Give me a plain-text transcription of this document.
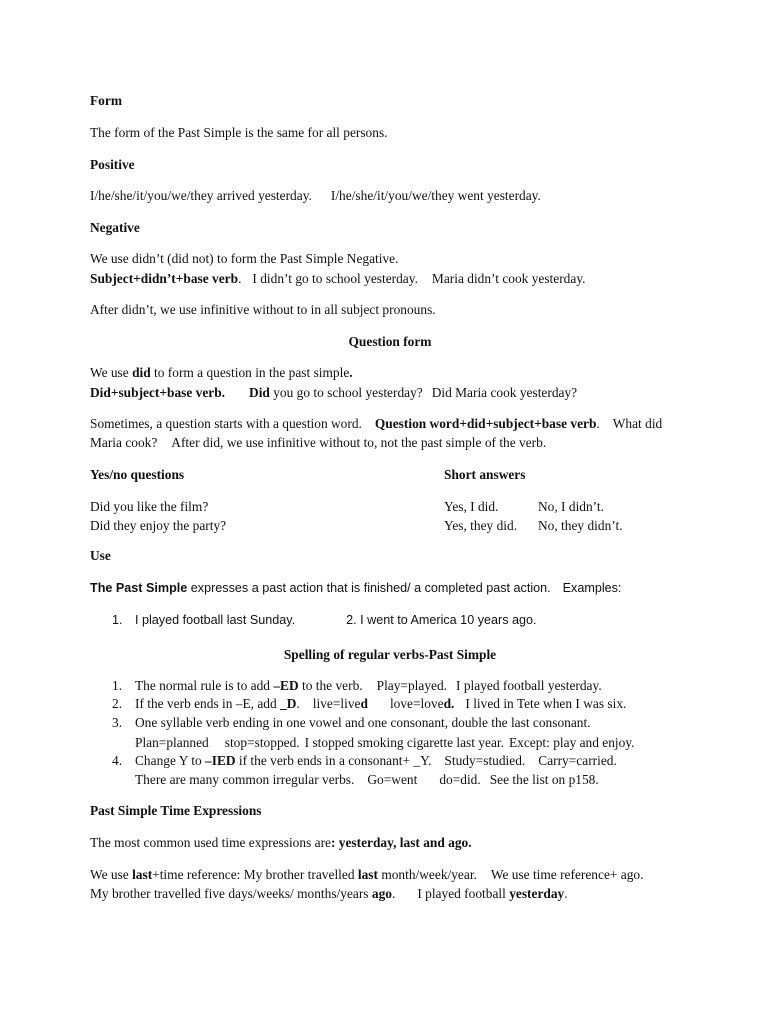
Form
The form of the Past Simple is the same for all persons.
Positive
I/he/she/it/you/we/they arrived yesterday. I/he/she/it/you/we/they went yesterday.
Negative
We use didn’t (did not) to form the Past Simple Negative.
Subject+didn’t+base verb. I didn’t go to school yesterday. Maria didn’t cook yesterday.
After didn’t, we use infinitive without to in all subject pronouns.
Question form
We use did to form a question in the past simple.
Did+subject+base verb. Did you go to school yesterday? Did Maria cook yesterday?
Sometimes, a question starts with a question word. Question word+did+subject+base verb. What did
Maria cook? After did, we use infinitive without to, not the past simple of the verb.
Yes/no questions	Short answers
Did you like the film?	Yes, I did.	No, I didn’t.
Did they enjoy the party?	Yes, they did. No, they didn’t.
Use
The Past Simple expresses a past action that is finished/ a completed past action. Examples:
1. I played football last Sunday.	2. I went to America 10 years ago.
Spelling of regular verbs-Past Simple
1. The normal rule is to add –ED to the verb. Play=played. I played football yesterday.
2. If the verb ends in –E, add _D. live=lived love=loved. I lived in Tete when I was six.
3. One syllable verb ending in one vowel and one consonant, double the last consonant.
Plan=planned stop=stopped. I stopped smoking cigarette last year. Except: play and enjoy.
4. Change Y to –IED if the verb ends in a consonant+ _Y. Study=studied. Carry=carried.
There are many common irregular verbs. Go=went do=did. See the list on p158.
Past Simple Time Expressions
The most common used time expressions are: yesterday, last and ago.
We use last+time reference: My brother travelled last month/week/year. We use time reference+ ago.
My brother travelled five days/weeks/ months/years ago. I played football yesterday.
